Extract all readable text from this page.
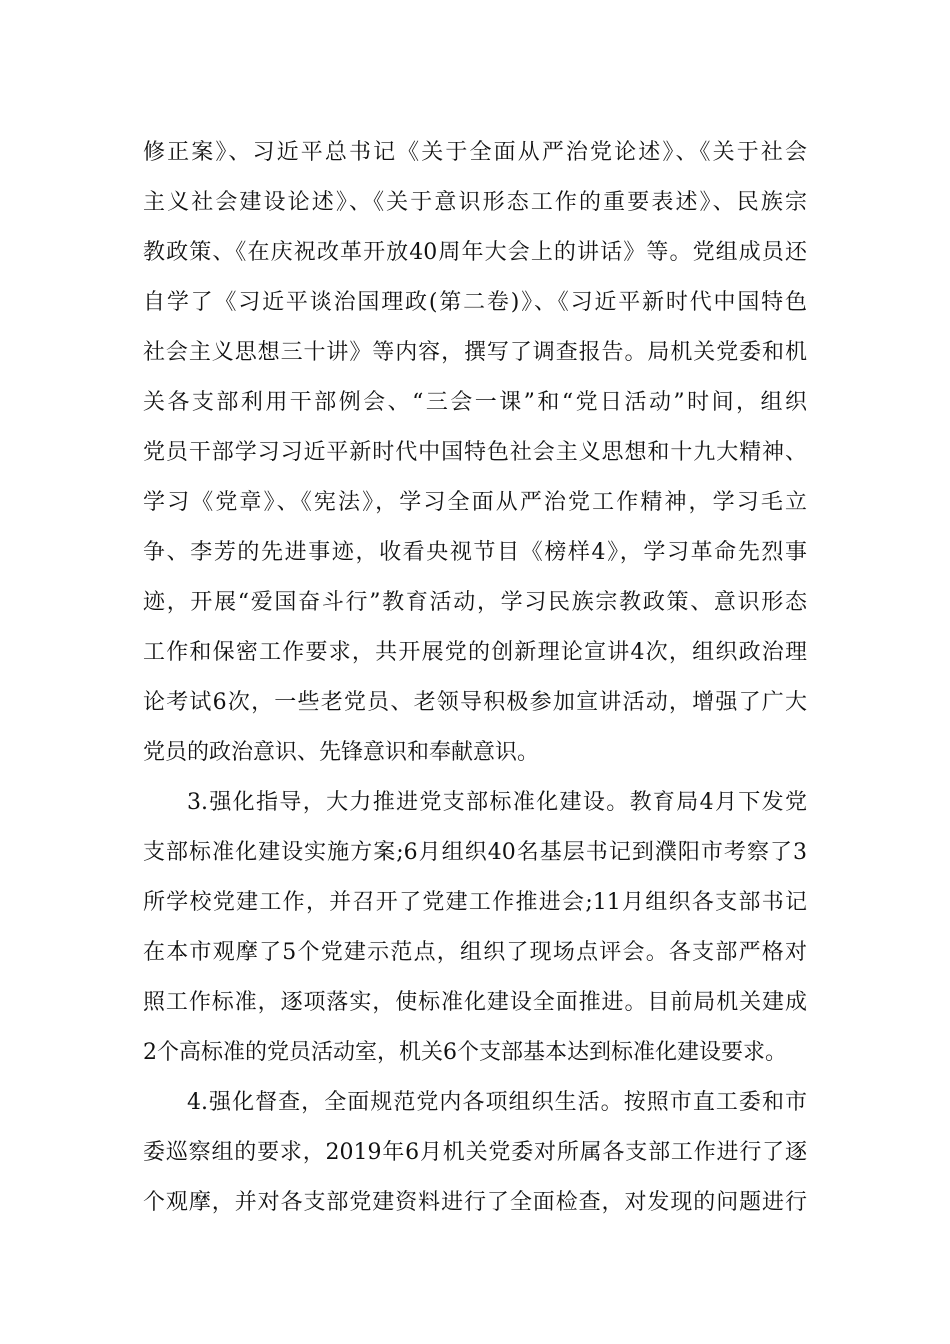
修正案》、习近平总书记《关于全面从严治党论述》、《关于社会
主义社会建设论述》、《关于意识形态工作的重要表述》、民族宗
教政策、《在庆祝改革开放40周年大会上的讲话》等。党组成员还
自学了《习近平谈治国理政(第二卷)》、《习近平新时代中国特色
社会主义思想三十讲》等内容，撰写了调查报告。局机关党委和机
关各支部利用干部例会、“三会一课”和“党日活动”时间，组织
党员干部学习习近平新时代中国特色社会主义思想和十九大精神、
学习《党章》、《宪法》，学习全面从严治党工作精神，学习毛立
争、李芳的先进事迹，收看央视节目《榜样4》，学习革命先烈事
迹，开展“爱国奋斗行”教育活动，学习民族宗教政策、意识形态
工作和保密工作要求，共开展党的创新理论宣讲4次，组织政治理
论考试6次，一些老党员、老领导积极参加宣讲活动，增强了广大
党员的政治意识、先锋意识和奉献意识。
3.强化指导，大力推进党支部标准化建设。教育局4月下发党
支部标准化建设实施方案;6月组织40名基层书记到濮阳市考察了3
所学校党建工作，并召开了党建工作推进会;11月组织各支部书记
在本市观摩了5个党建示范点，组织了现场点评会。各支部严格对
照工作标准，逐项落实，使标准化建设全面推进。目前局机关建成
2个高标准的党员活动室，机关6个支部基本达到标准化建设要求。
4.强化督查，全面规范党内各项组织生活。按照市直工委和市
委巡察组的要求，2019年6月机关党委对所属各支部工作进行了逐
个观摩，并对各支部党建资料进行了全面检查，对发现的问题进行
